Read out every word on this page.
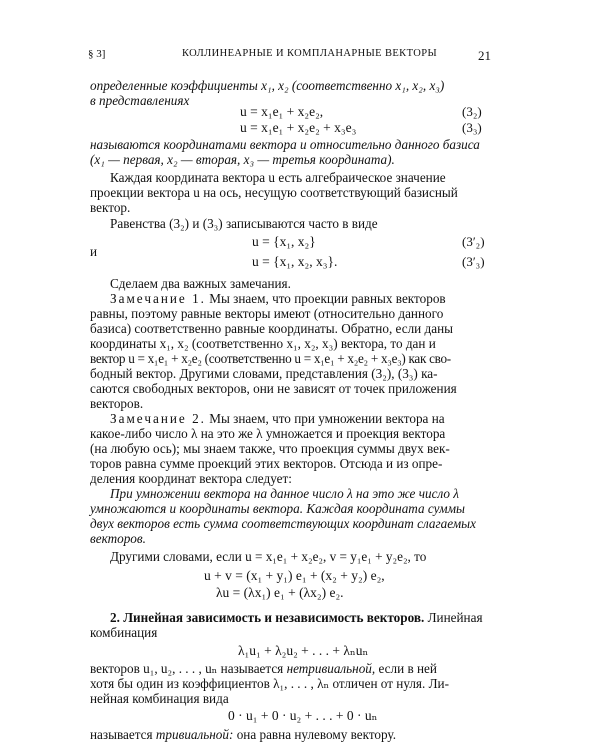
§ 3]	КОЛЛИНЕАРНЫЕ И КОМПЛАНАРНЫЕ ВЕКТОРЫ	21
определенные коэффициенты x₁, x₂ (соответственно x₁, x₂, x₃)
в представлениях
u = x₁e₁ + x₂e₂,	(3₂)
u = x₁e₁ + x₂e₂ + x₃e₃	(3₃)
называются координатами вектора u относительно данного базиса
(x₁ — первая, x₂ — вторая, x₃ — третья координата).
Каждая координата вектора u есть алгебраическое значение
проекции вектора u на ось, несущую соответствующий базисный
вектор.
Равенства (3₂) и (3₃) записываются часто в виде
u = {x₁, x₂}	(3′₂)
и
u = {x₁, x₂, x₃}.	(3′₃)
Сделаем два важных замечания.
Замечание 1. Мы знаем, что проекции равных векторов
равны, поэтому равные векторы имеют (относительно данного
базиса) соответственно равные координаты. Обратно, если даны
координаты x₁, x₂ (соответственно x₁, x₂, x₃) вектора, то дан и
вектор u = x₁e₁ + x₂e₂ (соответственно u = x₁e₁ + x₂e₂ + x₃e₃) как сво-
бодный вектор. Другими словами, представления (3₂), (3₃) ка-
саются свободных векторов, они не зависят от точек приложения
векторов.
Замечание 2. Мы знаем, что при умножении вектора на
какое-либо число λ на это же λ умножается и проекция вектора
(на любую ось); мы знаем также, что проекция суммы двух век-
торов равна сумме проекций этих векторов. Отсюда и из опре-
деления координат вектора следует:
При умножении вектора на данное число λ на это же число λ
умножаются и координаты вектора. Каждая координата суммы
двух векторов есть сумма соответствующих координат слагаемых
векторов.
Другими словами, если u = x₁e₁ + x₂e₂, v = y₁e₁ + y₂e₂, то
u + v = (x₁ + y₁) e₁ + (x₂ + y₂) e₂,
λu = (λx₁) e₁ + (λx₂) e₂.
2. Линейная зависимость и независимость векторов. Линейная
комбинация
λ₁u₁ + λ₂u₂ + . . . + λₙuₙ
векторов u₁, u₂, . . . , uₙ называется нетривиальной, если в ней
хотя бы один из коэффициентов λ₁, . . . , λₙ отличен от нуля. Ли-
нейная комбинация вида
0 · u₁ + 0 · u₂ + . . . + 0 · uₙ
называется тривиальной: она равна нулевому вектору.
